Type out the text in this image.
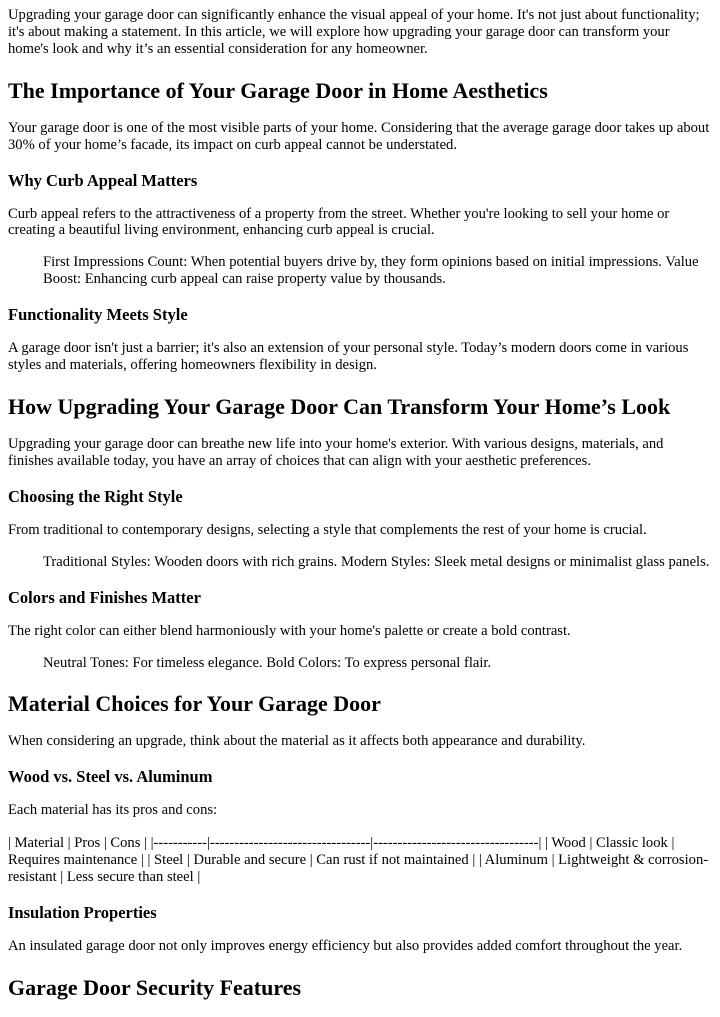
Upgrading your garage door can significantly enhance the visual appeal of your home. It's not just about functionality; it's about making a statement. In this article, we will explore how upgrading your garage door can transform your home's look and why it’s an essential consideration for any homeowner.

The Importance of Your Garage Door in Home Aesthetics

Your garage door is one of the most visible parts of your home. Considering that the average garage door takes up about 30% of your home’s facade, its impact on curb appeal cannot be understated.

Why Curb Appeal Matters

Curb appeal refers to the attractiveness of a property from the street. Whether you're looking to sell your home or creating a beautiful living environment, enhancing curb appeal is crucial.

First Impressions Count: When potential buyers drive by, they form opinions based on initial impressions. Value Boost: Enhancing curb appeal can raise property value by thousands.
Functionality Meets Style

A garage door isn't just a barrier; it's also an extension of your personal style. Today’s modern doors come in various styles and materials, offering homeowners flexibility in design.

How Upgrading Your Garage Door Can Transform Your Home’s Look

Upgrading your garage door can breathe new life into your home's exterior. With various designs, materials, and finishes available today, you have an array of choices that can align with your aesthetic preferences.

Choosing the Right Style

From traditional to contemporary designs, selecting a style that complements the rest of your home is crucial.

Traditional Styles: Wooden doors with rich grains. Modern Styles: Sleek metal designs or minimalist glass panels.
Colors and Finishes Matter

The right color can either blend harmoniously with your home's palette or create a bold contrast.

Neutral Tones: For timeless elegance. Bold Colors: To express personal flair.
Material Choices for Your Garage Door

When considering an upgrade, think about the material as it affects both appearance and durability.

Wood vs. Steel vs. Aluminum

Each material has its pros and cons:

| Material | Pros | Cons | |-----------|---------------------------------|----------------------------------| | Wood | Classic look | Requires maintenance | | Steel | Durable and secure | Can rust if not maintained | | Aluminum | Lightweight & corrosion-resistant | Less secure than steel |

Insulation Properties

An insulated garage door not only improves energy efficiency but also provides added comfort throughout the year.

Garage Door Security Features
